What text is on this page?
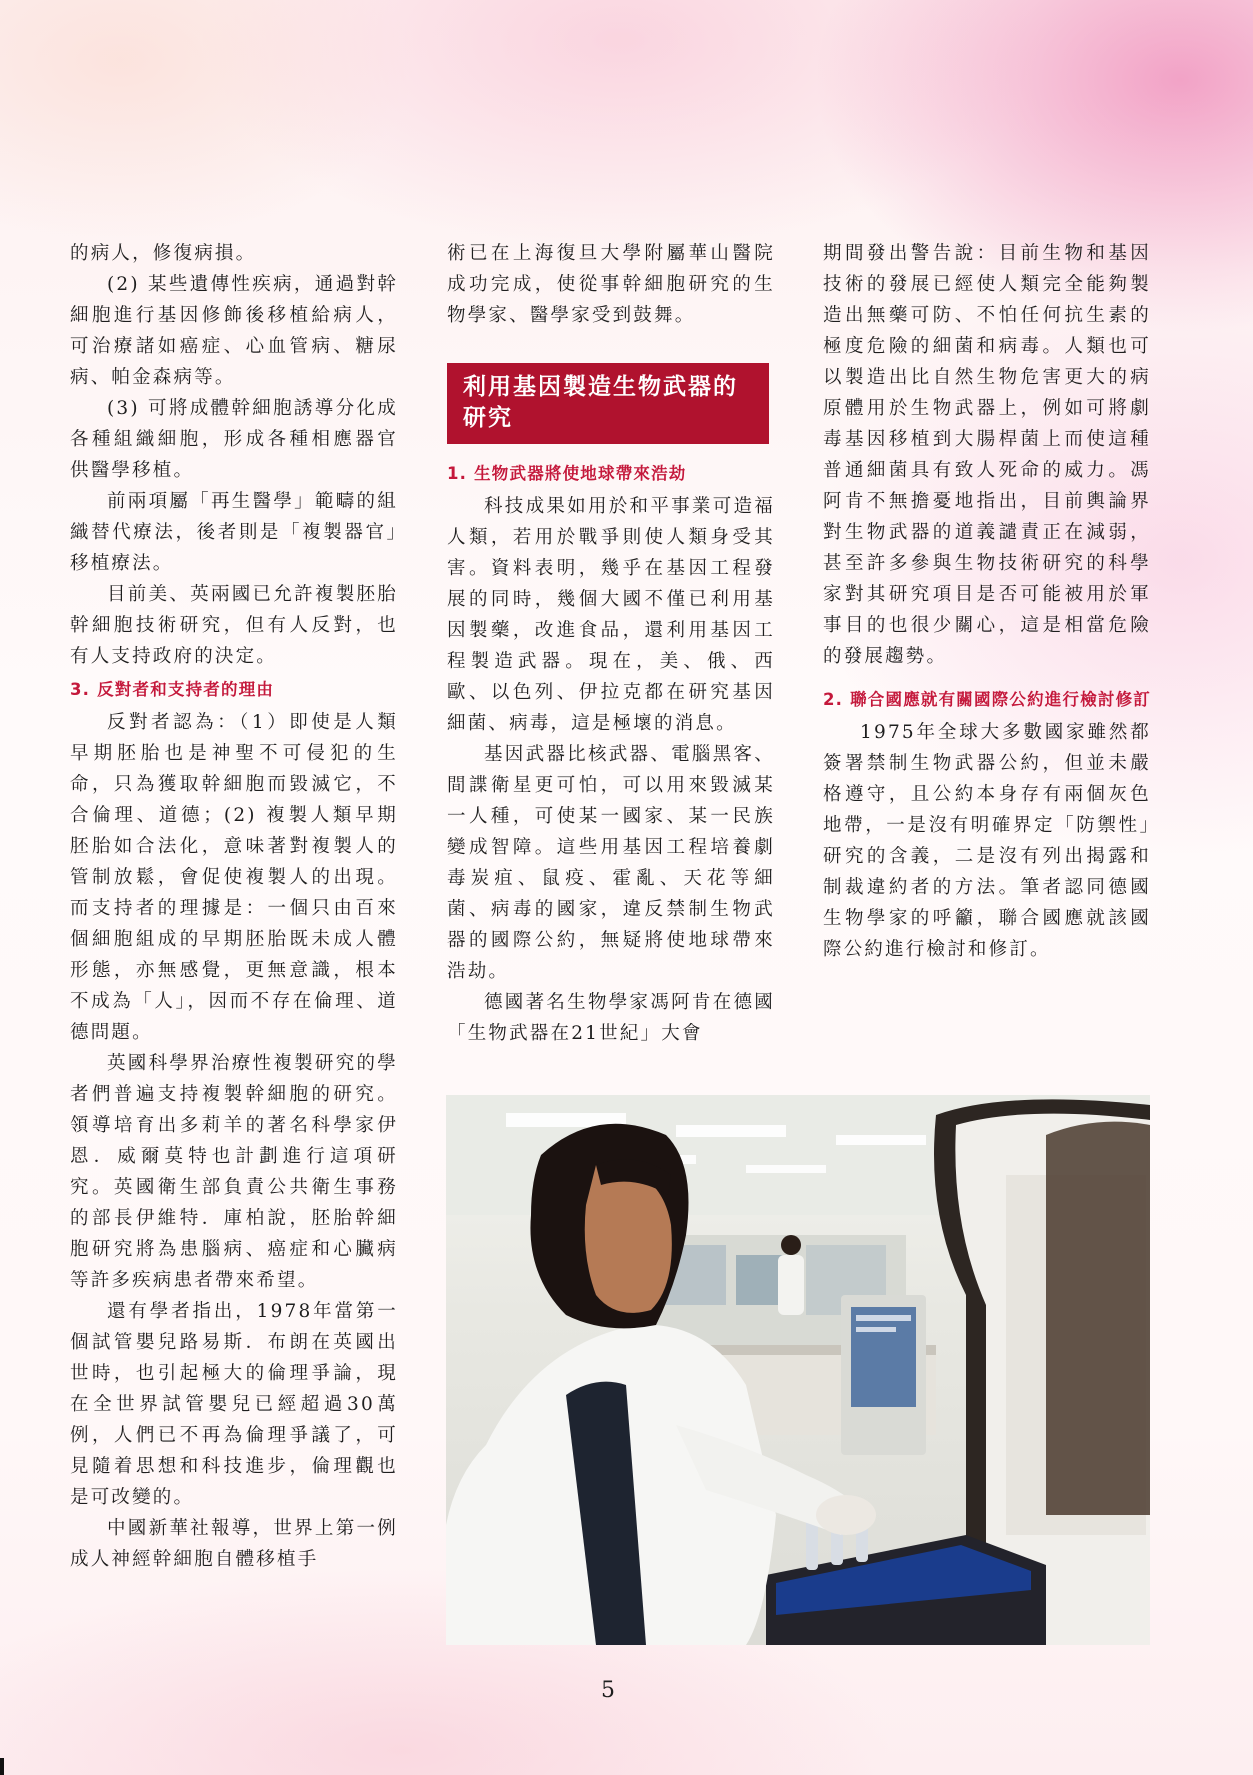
的病人，修復病損。

(2) 某些遺傳性疾病，通過對幹細胞進行基因修飾後移植給病人，可治療諸如癌症、心血管病、糖尿病、帕金森病等。

(3) 可將成體幹細胞誘導分化成各種組織細胞，形成各種相應器官供醫學移植。

前兩項屬「再生醫學」範疇的組織替代療法，後者則是「複製器官」移植療法。

目前美、英兩國已允許複製胚胎幹細胞技術研究，但有人反對，也有人支持政府的決定。

3. 反對者和支持者的理由

反對者認為：（1）即使是人類早期胚胎也是神聖不可侵犯的生命，只為獲取幹細胞而毀滅它，不合倫理、道德；(2) 複製人類早期胚胎如合法化，意味著對複製人的管制放鬆，會促使複製人的出現。而支持者的理據是：一個只由百來個細胞組成的早期胚胎既未成人體形態，亦無感覺，更無意識，根本不成為「人」，因而不存在倫理、道德問題。

英國科學界治療性複製研究的學者們普遍支持複製幹細胞的研究。領導培育出多莉羊的著名科學家伊恩．威爾莫特也計劃進行這項研究。英國衛生部負責公共衛生事務的部長伊維特．庫柏說，胚胎幹細胞研究將為患腦病、癌症和心臟病等許多疾病患者帶來希望。

還有學者指出，1978年當第一個試管嬰兒路易斯．布朗在英國出世時，也引起極大的倫理爭論，現在全世界試管嬰兒已經超過30萬例，人們已不再為倫理爭議了，可見隨着思想和科技進步，倫理觀也是可改變的。

中國新華社報導，世界上第一例成人神經幹細胞自體移植手

術已在上海復旦大學附屬華山醫院成功完成，使從事幹細胞研究的生物學家、醫學家受到鼓舞。

利用基因製造生物武器的研究
1. 生物武器將使地球帶來浩劫

科技成果如用於和平事業可造福人類，若用於戰爭則使人類身受其害。資料表明，幾乎在基因工程發展的同時，幾個大國不僅已利用基因製藥，改進食品，還利用基因工程製造武器。現在，美、俄、西歐、以色列、伊拉克都在研究基因細菌、病毒，這是極壞的消息。

基因武器比核武器、電腦黑客、間諜衛星更可怕，可以用來毀滅某一人種，可使某一國家、某一民族變成智障。這些用基因工程培養劇毒炭疽、鼠疫、霍亂、天花等細菌、病毒的國家，違反禁制生物武器的國際公約，無疑將使地球帶來浩劫。

德國著名生物學家馮阿肯在德國「生物武器在21世紀」大會

期間發出警告說：目前生物和基因技術的發展已經使人類完全能夠製造出無藥可防、不怕任何抗生素的極度危險的細菌和病毒。人類也可以製造出比自然生物危害更大的病原體用於生物武器上，例如可將劇毒基因移植到大腸桿菌上而使這種普通細菌具有致人死命的威力。馮阿肯不無擔憂地指出，目前輿論界對生物武器的道義譴責正在減弱，甚至許多參與生物技術研究的科學家對其研究項目是否可能被用於軍事目的也很少關心，這是相當危險的發展趨勢。

2. 聯合國應就有關國際公約進行檢討修訂

1975年全球大多數國家雖然都簽署禁制生物武器公約，但並未嚴格遵守，且公約本身存有兩個灰色地帶，一是沒有明確界定「防禦性」研究的含義，二是沒有列出揭露和制裁違約者的方法。筆者認同德國生物學家的呼籲，聯合國應就該國際公約進行檢討和修訂。

5
